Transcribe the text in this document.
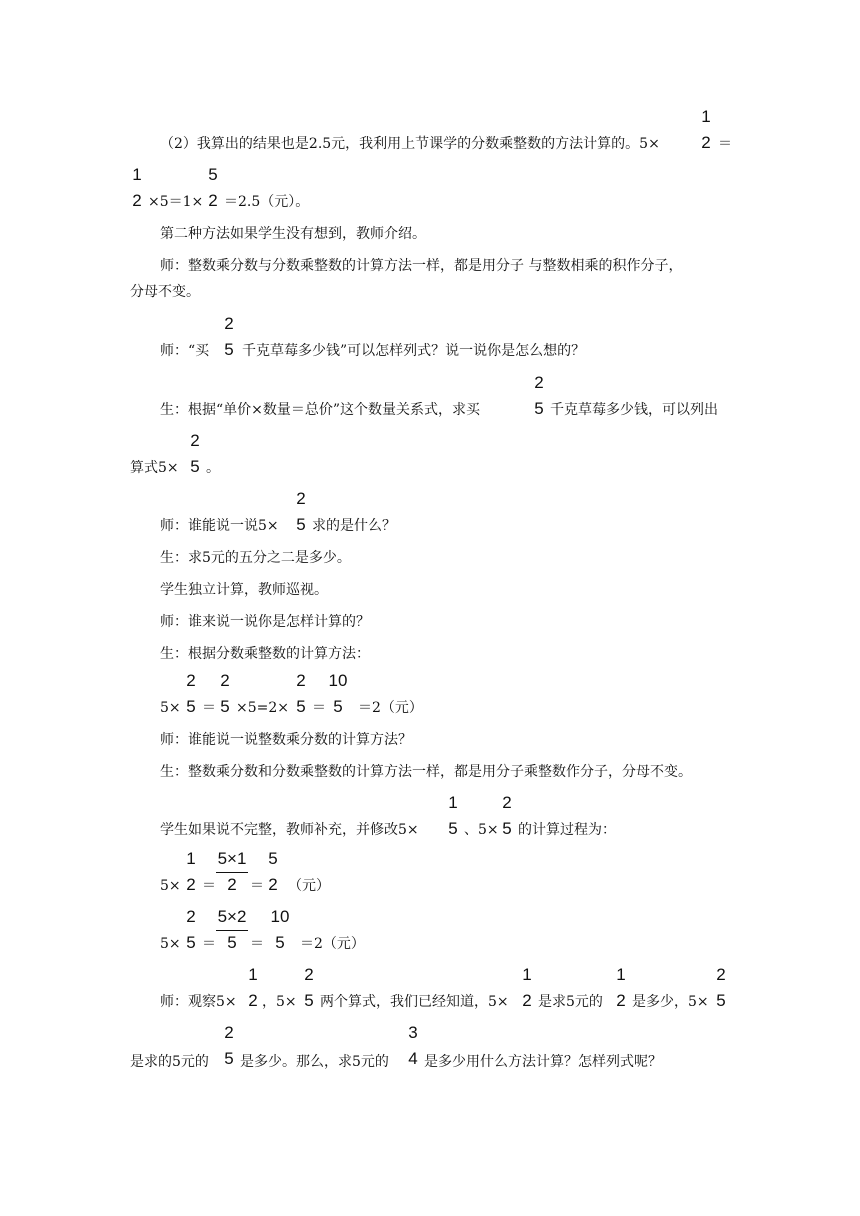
（2）我算出的结果也是2.5元，我利用上节课学的分数乘整数的方法计算的。5×
1
2 ＝
1
2 ×5＝1×
5
2 ＝2.5（元）。
第二种方法如果学生没有想到，教师介绍。
师：整数乘分数与分数乘整数的计算方法一样，都是用分子 与整数相乘的积作分子，
分母不变。
师：“买
2
5 千克草莓多少钱”可以怎样列式？说一说你是怎么想的？
生：根据“单价×数量＝总价”这个数量关系式，求买
2
5 千克草莓多少钱，可以列出
算式5×
2
5 。
师：谁能说一说5×
2
5 求的是什么？
生：求5元的五分之二是多少。
学生独立计算，教师巡视。
师：谁来说一说你是怎样计算的？
生：根据分数乘整数的计算方法：
5×
2
5 ＝
2
5 ×5=2×
2
5 ＝
10
5	＝2（元）
师：谁能说一说整数乘分数的计算方法？
生：整数乘分数和分数乘整数的计算方法一样，都是用分子乘整数作分子，分母不变。
学生如果说不完整，教师补充，并修改5×
1
5 、5×
2
5 的计算过程为：
5×
1
2 ＝
5×1
2 ＝
5
2 （元）
5×
2
5 ＝
5×2
5 ＝
10
5	＝2（元）
师：观察5×
1
2 ，5×
2
5 两个算式，我们已经知道，5×
1
2 是求5元的
1
2 是多少，5×
2
5
是求的5元的
2
5 是多少。那么，求5元的
3
4 是多少用什么方法计算？怎样列式呢？
